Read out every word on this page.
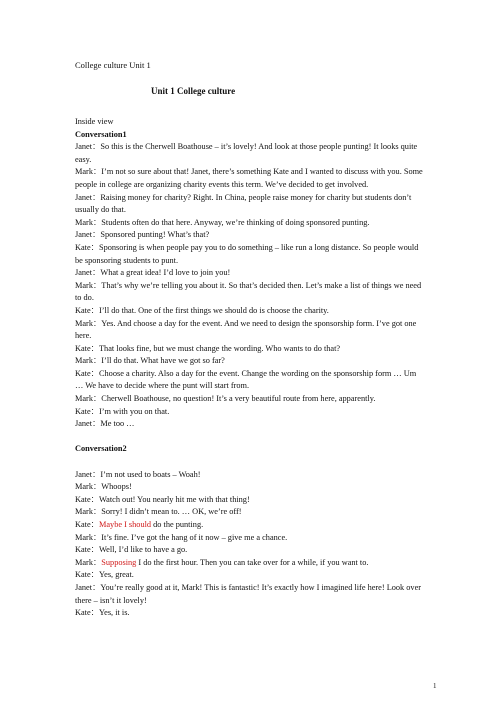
College culture Unit 1
Unit 1 College culture
Inside view
Conversation1
Janet：So this is the Cherwell Boathouse – it’s lovely! And look at those people punting! It looks quite easy.
Mark：I’m not so sure about that! Janet, there’s something Kate and I wanted to discuss with you. Some people in college are organizing charity events this term. We’ve decided to get involved.
Janet：Raising money for charity? Right. In China, people raise money for charity but students don’t usually do that.
Mark：Students often do that here. Anyway, we’re thinking of doing sponsored punting.
Janet：Sponsored punting! What’s that?
Kate：Sponsoring is when people pay you to do something – like run a long distance. So people would be sponsoring students to punt.
Janet：What a great idea! I’d love to join you!
Mark：That’s why we’re telling you about it. So that’s decided then. Let’s make a list of things we need to do.
Kate：I’ll do that. One of the first things we should do is choose the charity.
Mark：Yes. And choose a day for the event. And we need to design the sponsorship form. I’ve got one here.
Kate：That looks fine, but we must change the wording. Who wants to do that?
Mark：I’ll do that. What have we got so far?
Kate：Choose a charity. Also a day for the event. Change the wording on the sponsorship form … Um … We have to decide where the punt will start from.
Mark：Cherwell Boathouse, no question! It’s a very beautiful route from here, apparently.
Kate：I’m with you on that.
Janet：Me too …
Conversation2
Janet：I’m not used to boats – Woah!
Mark：Whoops!
Kate：Watch out! You nearly hit me with that thing!
Mark：Sorry! I didn’t mean to. … OK, we’re off!
Kate：Maybe I should do the punting.
Mark：It’s fine. I’ve got the hang of it now – give me a chance.
Kate：Well, I’d like to have a go.
Mark：Supposing I do the first hour. Then you can take over for a while, if you want to.
Kate：Yes, great.
Janet：You’re really good at it, Mark! This is fantastic! It’s exactly how I imagined life here! Look over there – isn’t it lovely!
Kate：Yes, it is.
1
